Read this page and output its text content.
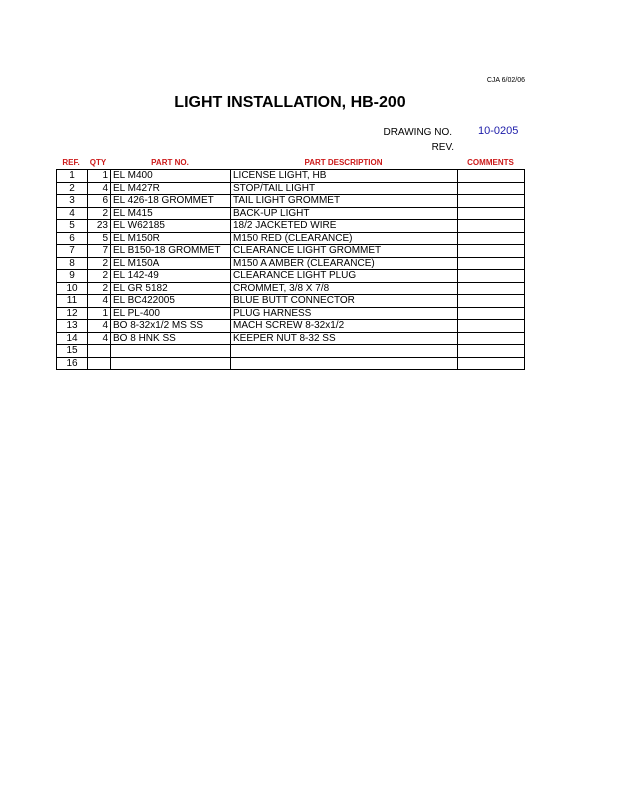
CJA 6/02/06
LIGHT INSTALLATION, HB-200
DRAWING NO. 10-0205
REV.
REF.	QTY	PART NO.	PART DESCRIPTION	COMMENTS
1	1	EL M400	LICENSE LIGHT, HB	
2	4	EL M427R	STOP/TAIL LIGHT	
3	6	EL 426-18 GROMMET	TAIL LIGHT GROMMET	
4	2	EL M415	BACK-UP LIGHT	
5	23	EL W62185	18/2 JACKETED WIRE	
6	5	EL M150R	M150 RED (CLEARANCE)	
7	7	EL B150-18 GROMMET	CLEARANCE LIGHT GROMMET	
8	2	EL M150A	M150 A AMBER (CLEARANCE)	
9	2	EL 142-49	CLEARANCE LIGHT PLUG	
10	2	EL GR 5182	CROMMET, 3/8 X 7/8	
11	4	EL BC422005	BLUE BUTT CONNECTOR	
12	1	EL PL-400	PLUG HARNESS	
13	4	BO 8-32x1/2 MS SS	MACH SCREW 8-32x1/2	
14	4	BO 8 HNK SS	KEEPER NUT 8-32 SS	
15				
16				
